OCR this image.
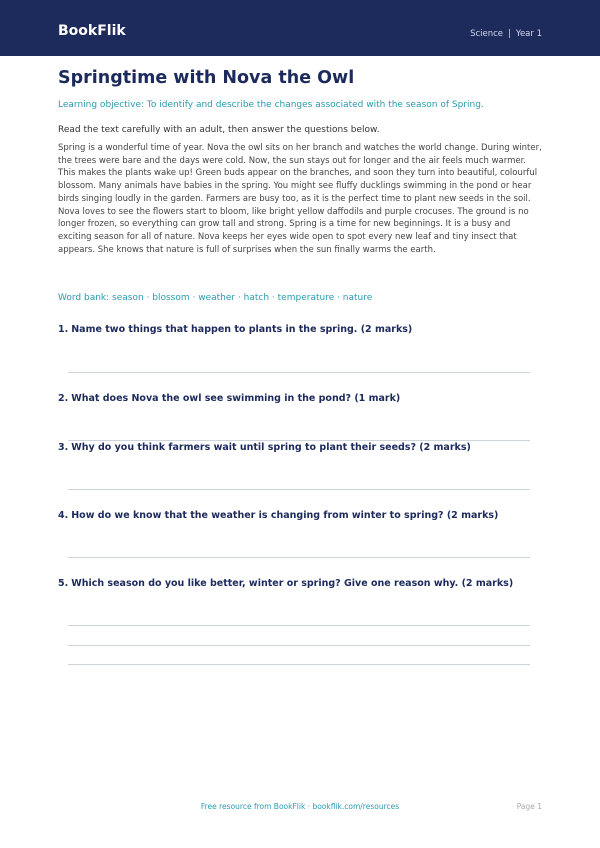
BookFlik	Science | Year 1
Springtime with Nova the Owl
Learning objective: To identify and describe the changes associated with the season of Spring.
Read the text carefully with an adult, then answer the questions below.

Spring is a wonderful time of year. Nova the owl sits on her branch and watches the world change. During winter, the trees were bare and the days were cold. Now, the sun stays out for longer and the air feels much warmer. This makes the plants wake up! Green buds appear on the branches, and soon they turn into beautiful, colourful blossom. Many animals have babies in the spring. You might see fluffy ducklings swimming in the pond or hear birds singing loudly in the garden. Farmers are busy too, as it is the perfect time to plant new seeds in the soil. Nova loves to see the flowers start to bloom, like bright yellow daffodils and purple crocuses. The ground is no longer frozen, so everything can grow tall and strong. Spring is a time for new beginnings. It is a busy and exciting season for all of nature. Nova keeps her eyes wide open to spot every new leaf and tiny insect that appears. She knows that nature is full of surprises when the sun finally warms the earth.

Word bank: season · blossom · weather · hatch · temperature · nature
1. Name two things that happen to plants in the spring. (2 marks)
2. What does Nova the owl see swimming in the pond? (1 mark)
3. Why do you think farmers wait until spring to plant their seeds? (2 marks)
4. How do we know that the weather is changing from winter to spring? (2 marks)
5. Which season do you like better, winter or spring? Give one reason why. (2 marks)
Free resource from BookFlik · bookflik.com/resources	Page 1
